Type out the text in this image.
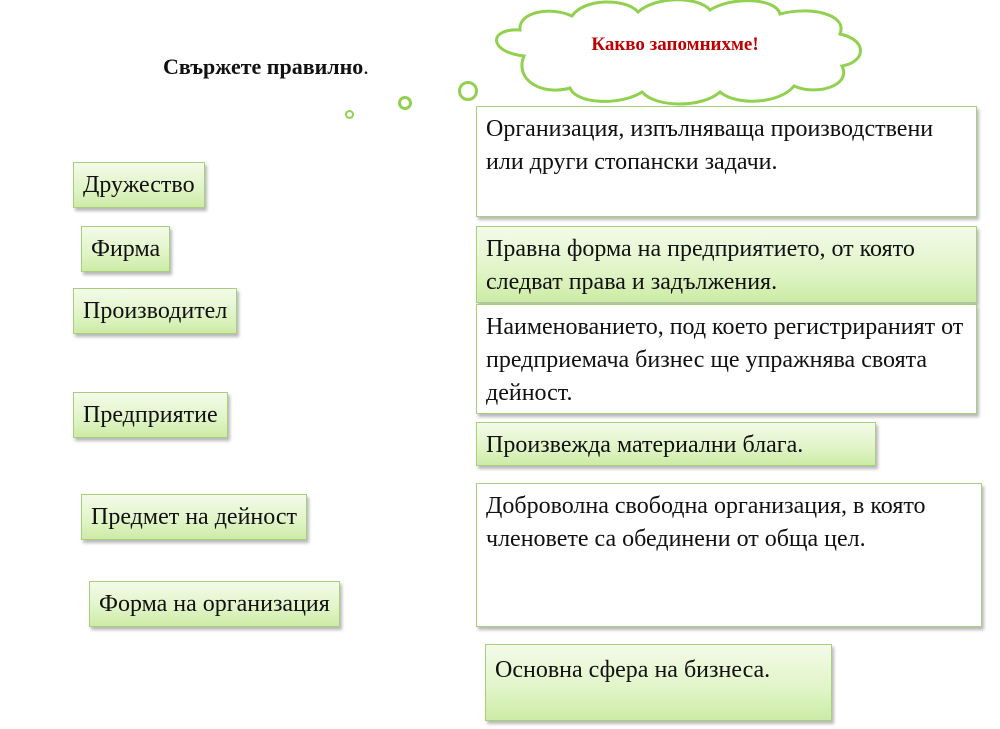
Свържете правилно.
Какво запомнихме!
Дружество
Фирма
Производител
Предприятие
Предмет на дейност
Форма на организация
Организация, изпълняваща производствени или други стопански задачи.
Правна форма на предприятието, от която следват права и задължения.
Наименованието, под което регистрираният от предприемача бизнес ще упражнява своята дейност.
Произвежда материални блага.
Доброволна свободна организация, в която членовете са обединени от обща цел.
Основна сфера на бизнеса.
